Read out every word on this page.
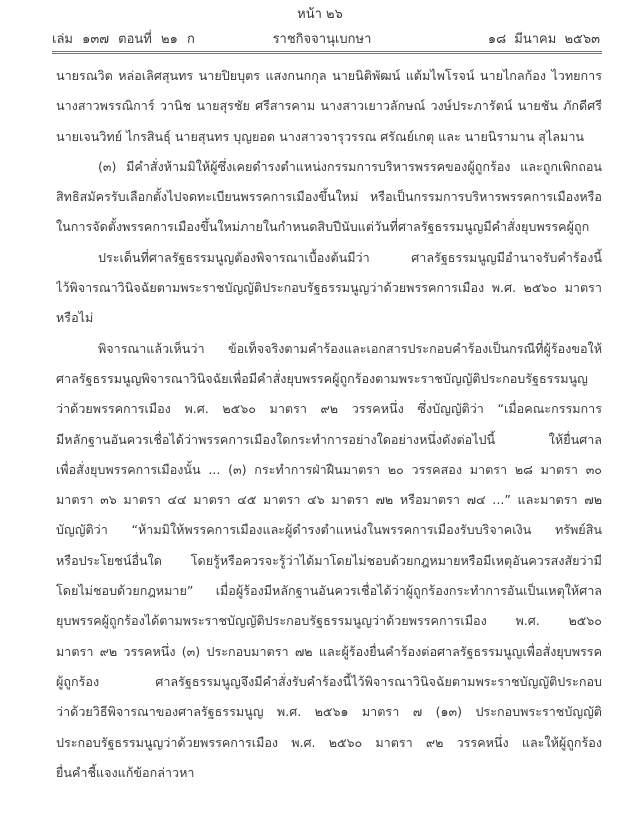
หน้า ๒๖
เล่ม ๑๓๗ ตอนที่ ๒๑ ก	ราชกิจจานุเบกษา	๑๘ มีนาคม ๒๕๖๓
นายรณวิต หล่อเลิศสุนทร นายปิยบุตร แสงกนกกุล นายนิติพัฒน์ แต้มไพโรจน์ นายไกลก้อง ไวทยการ
นางสาวพรรณิการ์ วานิช นายสุรชัย ศรีสารคาม นางสาวเยาวลักษณ์ วงษ์ประภารัตน์ นายชัน ภักดีศรี
นายเจนวิทย์ ไกรสินธุ์ นายสุนทร บุญยอด นางสาวจารุวรรณ ศรัณย์เกตุ และ นายนิรามาน สุไลมาน
(๓) มีคำสั่งห้ามมิให้ผู้ซึ่งเคยดำรงตำแหน่งกรรมการบริหารพรรคของผู้ถูกร้อง และถูกเพิกถอน
สิทธิสมัครรับเลือกตั้งไปจดทะเบียนพรรคการเมืองขึ้นใหม่ หรือเป็นกรรมการบริหารพรรคการเมืองหรือ
ในการจัดตั้งพรรคการเมืองขึ้นใหม่ภายในกำหนดสิบปีนับแต่วันที่ศาลรัฐธรรมนูญมีคำสั่งยุบพรรคผู้ถูก
ประเด็นที่ศาลรัฐธรรมนูญต้องพิจารณาเบื้องต้นมีว่า ศาลรัฐธรรมนูญมีอำนาจรับคำร้องนี้
ไว้พิจารณาวินิจฉัยตามพระราชบัญญัติประกอบรัฐธรรมนูญว่าด้วยพรรคการเมือง พ.ศ. ๒๕๖๐ มาตรา
หรือไม่
พิจารณาแล้วเห็นว่า ข้อเท็จจริงตามคำร้องและเอกสารประกอบคำร้องเป็นกรณีที่ผู้ร้องขอให้
ศาลรัฐธรรมนูญพิจารณาวินิจฉัยเพื่อมีคำสั่งยุบพรรคผู้ถูกร้องตามพระราชบัญญัติประกอบรัฐธรรมนูญ
ว่าด้วยพรรคการเมือง พ.ศ. ๒๕๖๐ มาตรา ๙๒ วรรคหนึ่ง ซึ่งบัญญัติว่า “เมื่อคณะกรรมการ
มีหลักฐานอันควรเชื่อได้ว่าพรรคการเมืองใดกระทำการอย่างใดอย่างหนึ่งดังต่อไปนี้ ให้ยื่นศาล
เพื่อสั่งยุบพรรคการเมืองนั้น ... (๓) กระทำการฝ่าฝืนมาตรา ๒๐ วรรคสอง มาตรา ๒๘ มาตรา ๓๐
มาตรา ๓๖ มาตรา ๔๔ มาตรา ๔๕ มาตรา ๔๖ มาตรา ๗๒ หรือมาตรา ๗๔ ...” และมาตรา ๗๒
บัญญัติว่า “ห้ามมิให้พรรคการเมืองและผู้ดำรงตำแหน่งในพรรคการเมืองรับบริจาคเงิน ทรัพย์สิน
หรือประโยชน์อื่นใด โดยรู้หรือควรจะรู้ว่าได้มาโดยไม่ชอบด้วยกฎหมายหรือมีเหตุอันควรสงสัยว่ามี
โดยไม่ชอบด้วยกฎหมาย” เมื่อผู้ร้องมีหลักฐานอันควรเชื่อได้ว่าผู้ถูกร้องกระทำการอันเป็นเหตุให้ศาล
ยุบพรรคผู้ถูกร้องได้ตามพระราชบัญญัติประกอบรัฐธรรมนูญว่าด้วยพรรคการเมือง พ.ศ. ๒๕๖๐
มาตรา ๙๒ วรรคหนึ่ง (๓) ประกอบมาตรา ๗๒ และผู้ร้องยื่นคำร้องต่อศาลรัฐธรรมนูญเพื่อสั่งยุบพรรค
ผู้ถูกร้อง ศาลรัฐธรรมนูญจึงมีคำสั่งรับคำร้องนี้ไว้พิจารณาวินิจฉัยตามพระราชบัญญัติประกอบ
ว่าด้วยวิธีพิจารณาของศาลรัฐธรรมนูญ พ.ศ. ๒๕๖๑ มาตรา ๗ (๑๓) ประกอบพระราชบัญญัติ
ประกอบรัฐธรรมนูญว่าด้วยพรรคการเมือง พ.ศ. ๒๕๖๐ มาตรา ๙๒ วรรคหนึ่ง และให้ผู้ถูกร้อง
ยื่นคำชี้แจงแก้ข้อกล่าวหา
